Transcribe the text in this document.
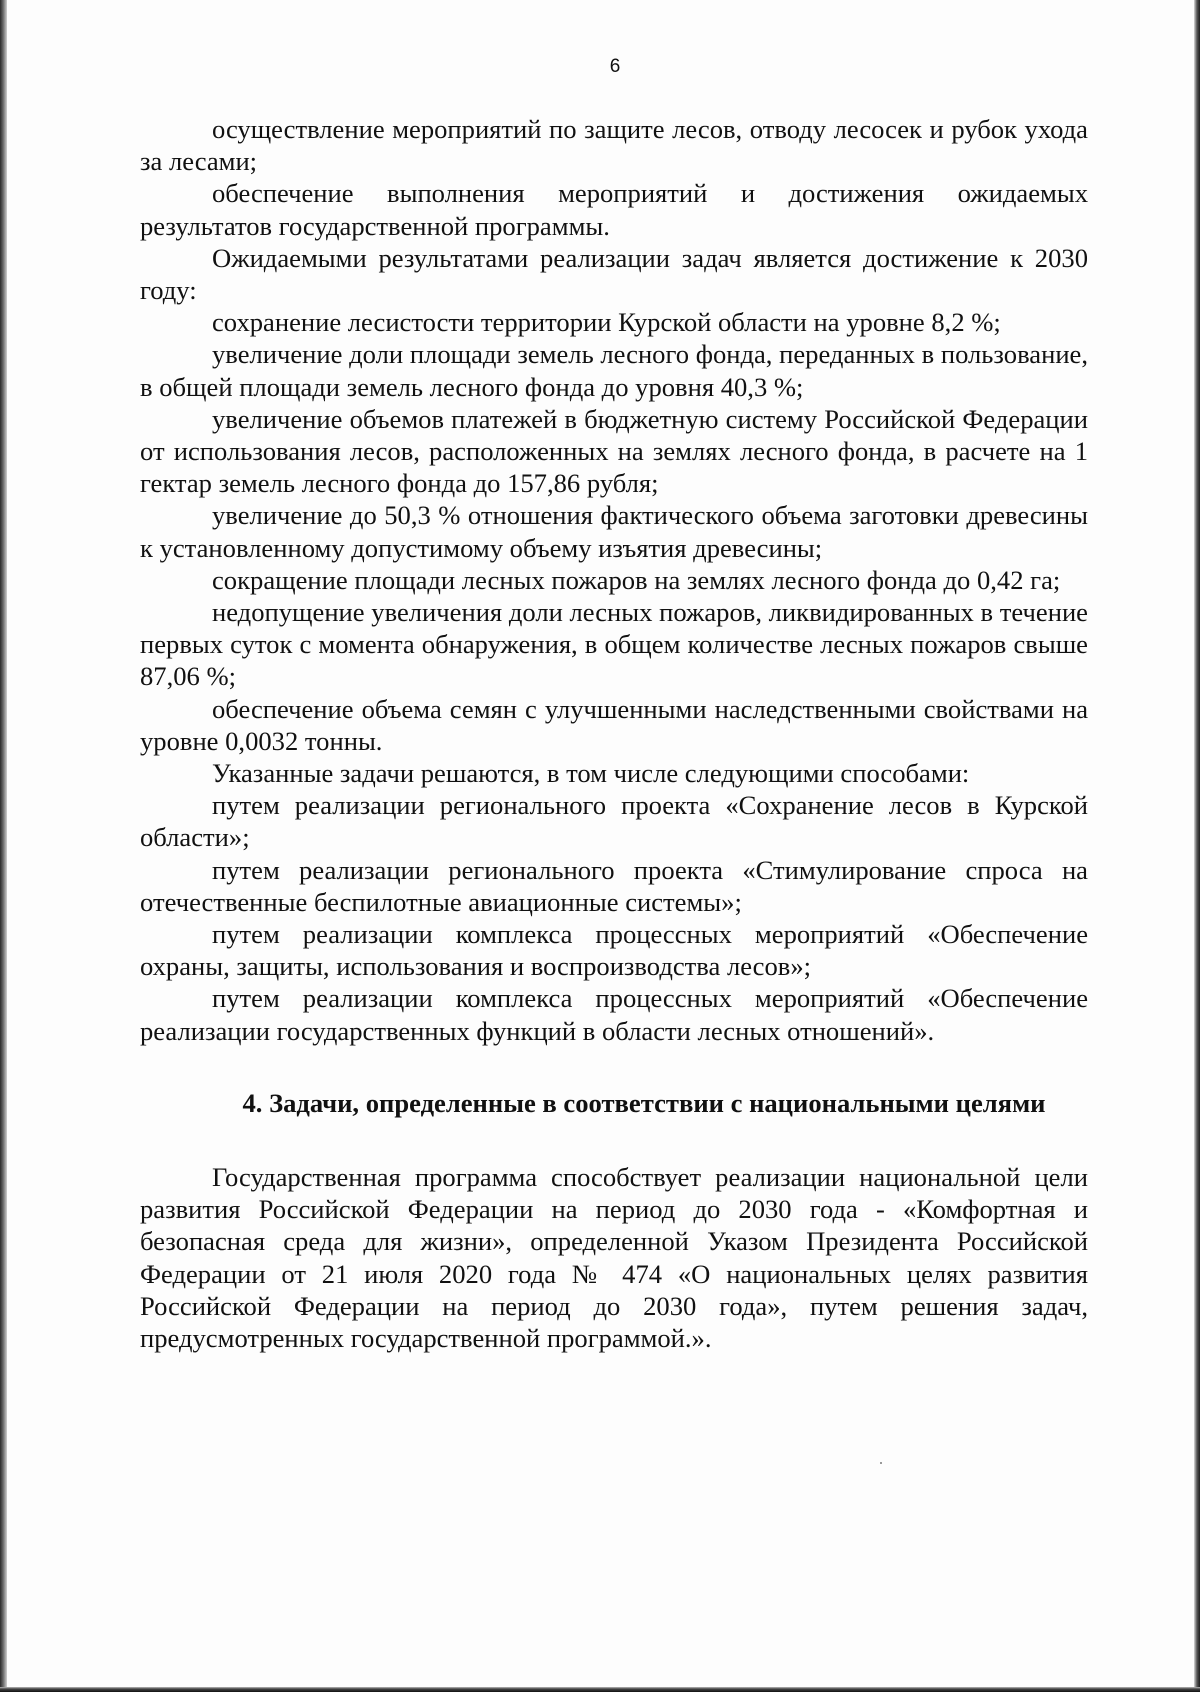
6

осуществление мероприятий по защите лесов, отводу лесосек и рубок ухода за лесами;

обеспечение выполнения мероприятий и достижения ожидаемых результатов государственной программы.

Ожидаемыми результатами реализации задач является достижение к 2030 году:

сохранение лесистости территории Курской области на уровне 8,2 %;

увеличение доли площади земель лесного фонда, переданных в пользование, в общей площади земель лесного фонда до уровня 40,3 %;

увеличение объемов платежей в бюджетную систему Российской Федерации от использования лесов, расположенных на землях лесного фонда, в расчете на 1 гектар земель лесного фонда до 157,86 рубля;

увеличение до 50,3 % отношения фактического объема заготовки древесины к установленному допустимому объему изъятия древесины;

сокращение площади лесных пожаров на землях лесного фонда до 0,42 га;

недопущение увеличения доли лесных пожаров, ликвидированных в течение первых суток с момента обнаружения, в общем количестве лесных пожаров свыше 87,06 %;

обеспечение объема семян с улучшенными наследственными свойствами на уровне 0,0032 тонны.

Указанные задачи решаются, в том числе следующими способами:

путем реализации регионального проекта «Сохранение лесов в Курской области»;

путем реализации регионального проекта «Стимулирование спроса на отечественные беспилотные авиационные системы»;

путем реализации комплекса процессных мероприятий «Обеспечение охраны, защиты, использования и воспроизводства лесов»;

путем реализации комплекса процессных мероприятий «Обеспечение реализации государственных функций в области лесных отношений».

4. Задачи, определенные в соответствии с национальными целями

Государственная программа способствует реализации национальной цели развития Российской Федерации на период до 2030 года - «Комфортная и безопасная среда для жизни», определенной Указом Президента Российской Федерации от 21 июля 2020 года № 474 «О национальных целях развития Российской Федерации на период до 2030 года», путем решения задач, предусмотренных государственной программой.».
